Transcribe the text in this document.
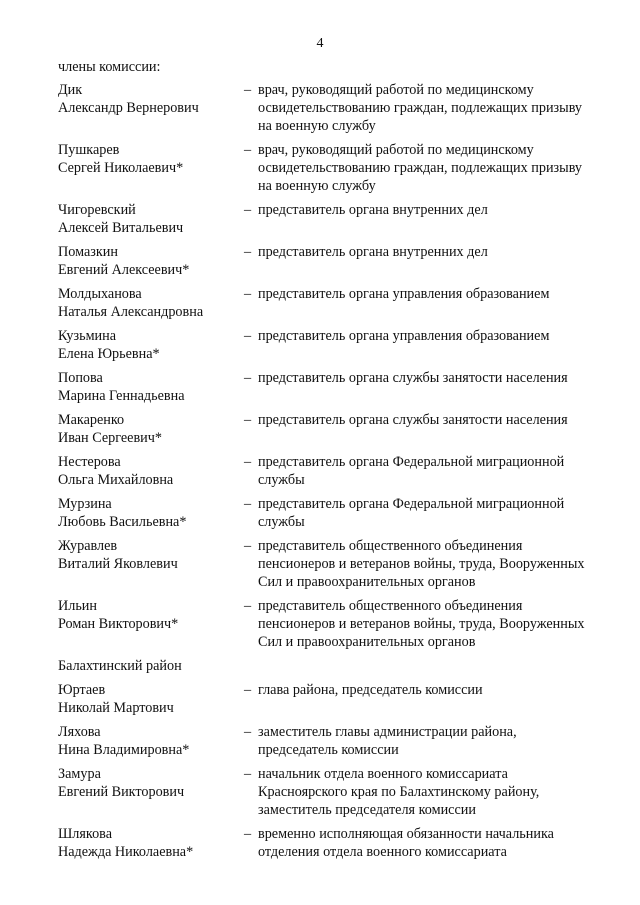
4
члены комиссии:
Дик
Александр Вернерович
– врач, руководящий работой по медицинскому освидетельствованию граждан, подлежащих призыву на военную службу
Пушкарев
Сергей Николаевич*
– врач, руководящий работой по медицинскому освидетельствованию граждан, подлежащих призыву на военную службу
Чигоревский
Алексей Витальевич
– представитель органа внутренних дел
Помазкин
Евгений Алексеевич*
– представитель органа внутренних дел
Молдыханова
Наталья Александровна
– представитель органа управления образованием
Кузьмина
Елена Юрьевна*
– представитель органа управления образованием
Попова
Марина Геннадьевна
– представитель органа службы занятости населения
Макаренко
Иван Сергеевич*
– представитель органа службы занятости населения
Нестерова
Ольга Михайловна
– представитель органа Федеральной миграционной службы
Мурзина
Любовь Васильевна*
– представитель органа Федеральной миграционной службы
Журавлев
Виталий Яковлевич
– представитель общественного объединения пенсионеров и ветеранов войны, труда, Вооруженных Сил и правоохранительных органов
Ильин
Роман Викторович*
– представитель общественного объединения пенсионеров и ветеранов войны, труда, Вооруженных Сил и правоохранительных органов
Балахтинский район
Юртаев
Николай Мартович
– глава района, председатель комиссии
Ляхова
Нина Владимировна*
– заместитель главы администрации района, председатель комиссии
Замура
Евгений Викторович
– начальник отдела военного комиссариата Красноярского края по Балахтинскому району, заместитель председателя комиссии
Шлякова
Надежда Николаевна*
– временно исполняющая обязанности начальника отделения отдела военного комиссариата
